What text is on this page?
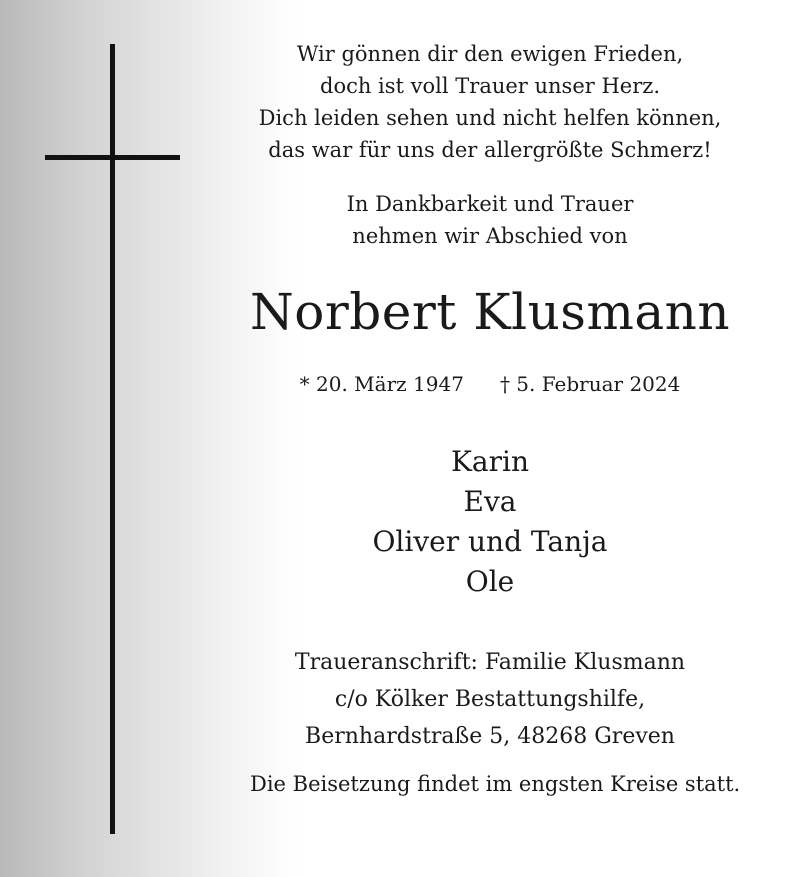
Wir gönnen dir den ewigen Frieden,
doch ist voll Trauer unser Herz.
Dich leiden sehen und nicht helfen können,
das war für uns der allergrößte Schmerz!
In Dankbarkeit und Trauer
nehmen wir Abschied von
Norbert Klusmann
* 20. März 1947 † 5. Februar 2024
Karin
Eva
Oliver und Tanja
Ole
Traueranschrift: Familie Klusmann
c/o Kölker Bestattungshilfe,
Bernhardstraße 5, 48268 Greven
Die Beisetzung findet im engsten Kreise statt.
